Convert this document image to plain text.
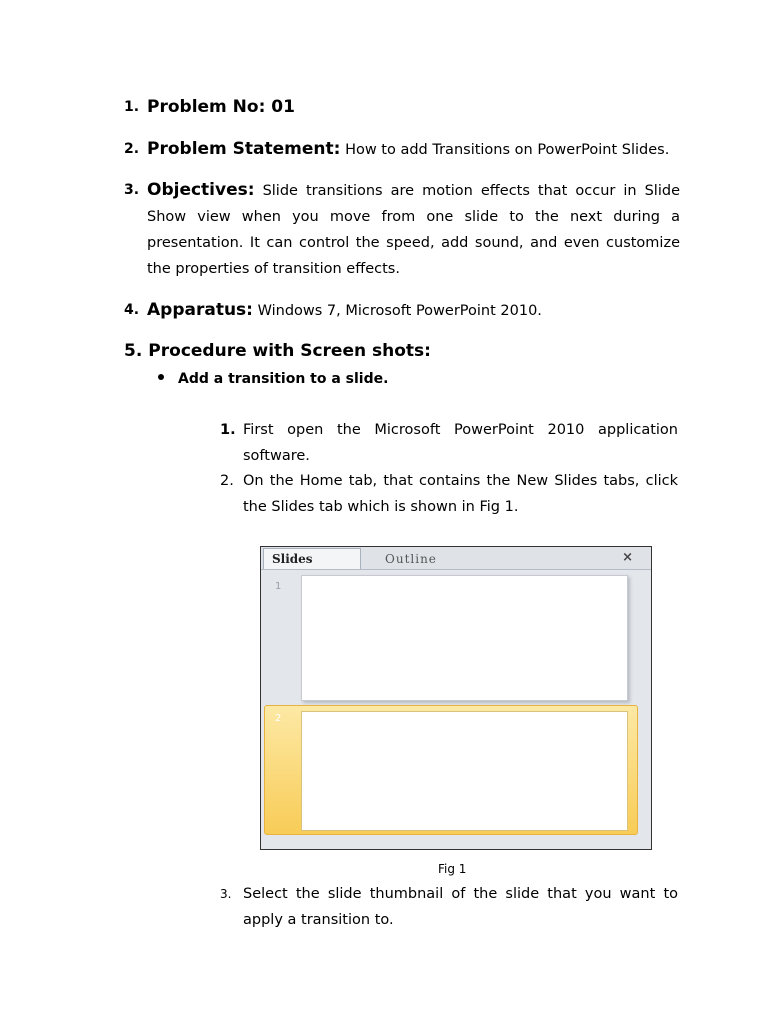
1. Problem No: 01
2. Problem Statement: How to add Transitions on PowerPoint Slides.
3. Objectives: Slide transitions are motion effects that occur in Slide Show view when you move from one slide to the next during a presentation. It can control the speed, add sound, and even customize the properties of transition effects.
4. Apparatus: Windows 7, Microsoft PowerPoint 2010.
5. Procedure with Screen shots:
Add a transition to a slide.
1. First open the Microsoft PowerPoint 2010 application software.
2. On the Home tab, that contains the New Slides tabs, click the Slides tab which is shown in Fig 1.
Slides	Outline	×
1
2
Fig 1
3. Select the slide thumbnail of the slide that you want to apply a transition to.
